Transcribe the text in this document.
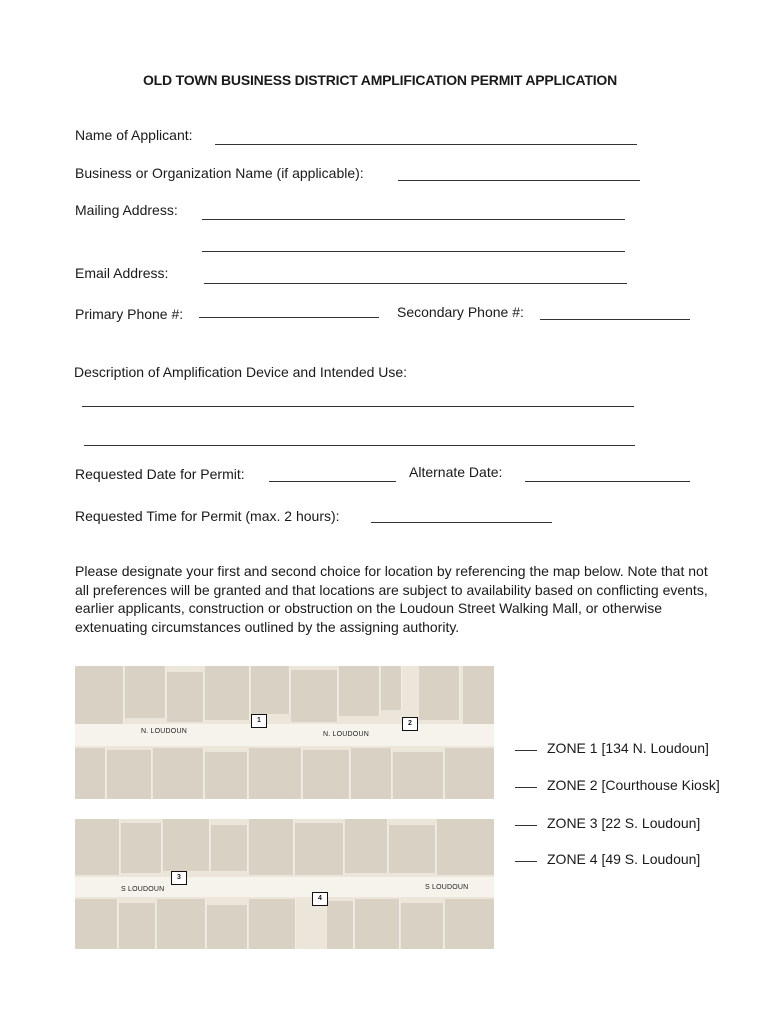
OLD TOWN BUSINESS DISTRICT AMPLIFICATION PERMIT APPLICATION
Name of Applicant:
Business or Organization Name (if applicable):
Mailing Address:
Email Address:
Primary Phone #:	Secondary Phone #:
Description of Amplification Device and Intended Use:
Requested Date for Permit:	Alternate Date:
Requested Time for Permit (max. 2 hours):
Please designate your first and second choice for location by referencing the map below. Note that not all preferences will be granted and that locations are subject to availability based on conflicting events, earlier applicants, construction or obstruction on the Loudoun Street Walking Mall, or otherwise extenuating circumstances outlined by the assigning authority.
N. LOUDOUN	N. LOUDOUN
1	2
S LOUDOUN	S LOUDOUN
3
4
ZONE 1 [134 N. Loudoun]
ZONE 2 [Courthouse Kiosk]
ZONE 3 [22 S. Loudoun]
ZONE 4 [49 S. Loudoun]
